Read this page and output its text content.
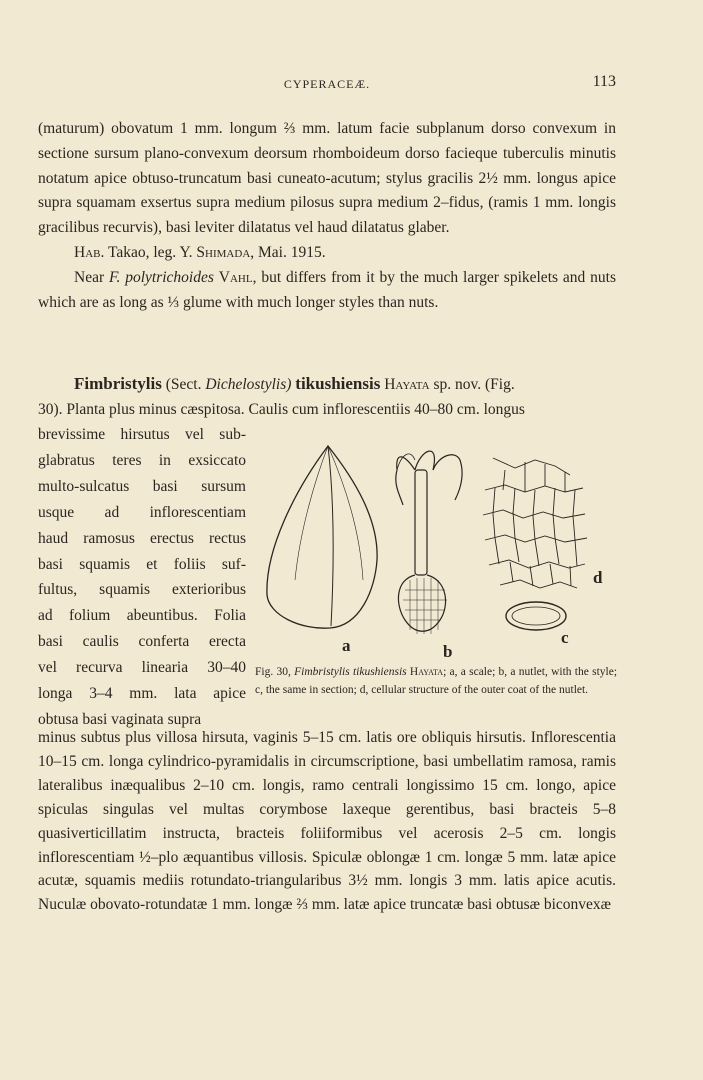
CYPERACEÆ.	113

(maturum) obovatum 1 mm. longum ⅔ mm. latum facie subplanum dorso convexum in sectione sursum plano-convexum deorsum rhomboideum dorso facieque tuberculis minutis notatum apice obtuso-truncatum basi cuneato-acutum; stylus gracilis 2½ mm. longus apice supra squamam exsertus supra medium pilosus supra medium 2–fidus, (ramis 1 mm. longis gracilibus recurvis), basi leviter dilatatus vel haud dilatatus glaber.

Hab. Takao, leg. Y. Shimada, Mai. 1915.

Near F. polytrichoides Vahl, but differs from it by the much larger spikelets and nuts which are as long as ⅓ glume with much longer styles than nuts.

Fimbristylis (Sect. Dichelostylis) tikushiensis Hayata sp. nov. (Fig.

30). Planta plus minus cæspitosa. Caulis cum inflorescentiis 40–80 cm. longus

brevissime hirsutus vel sub-

glabratus teres in exsiccato

multo-sulcatus basi sursum

usque ad inflorescentiam

haud ramosus erectus rectus

basi squamis et foliis suf-

fultus, squamis exterioribus

ad folium abeuntibus. Folia

basi caulis conferta erecta

vel recurva linearia 30–40

longa 3–4 mm. lata apice

obtusa basi vaginata supra

a	b
c
d

Fig. 30, Fimbristylis tikushiensis Hayata; a, a scale; b, a nutlet, with the style; c, the same in section; d, cellular structure of the outer coat of the nutlet.

minus subtus plus villosa hirsuta, vaginis 5–15 cm. latis ore obliquis hirsutis. Inflorescentia 10–15 cm. longa cylindrico-pyramidalis in circumscriptione, basi umbellatim ramosa, ramis lateralibus inæqualibus 2–10 cm. longis, ramo centrali longissimo 15 cm. longo, apice spiculas singulas vel multas corymbose laxeque gerentibus, basi bracteis 5–8 quasiverticillatim instructa, bracteis foliiformibus vel acerosis 2–5 cm. longis inflorescentiam ½–plo æquantibus villosis. Spiculæ oblongæ 1 cm. longæ 5 mm. latæ apice acutæ, squamis mediis rotundato-triangularibus 3½ mm. longis 3 mm. latis apice acutis. Nuculæ obovato-rotundatæ 1 mm. longæ ⅔ mm. latæ apice truncatæ basi obtusæ biconvexæ
